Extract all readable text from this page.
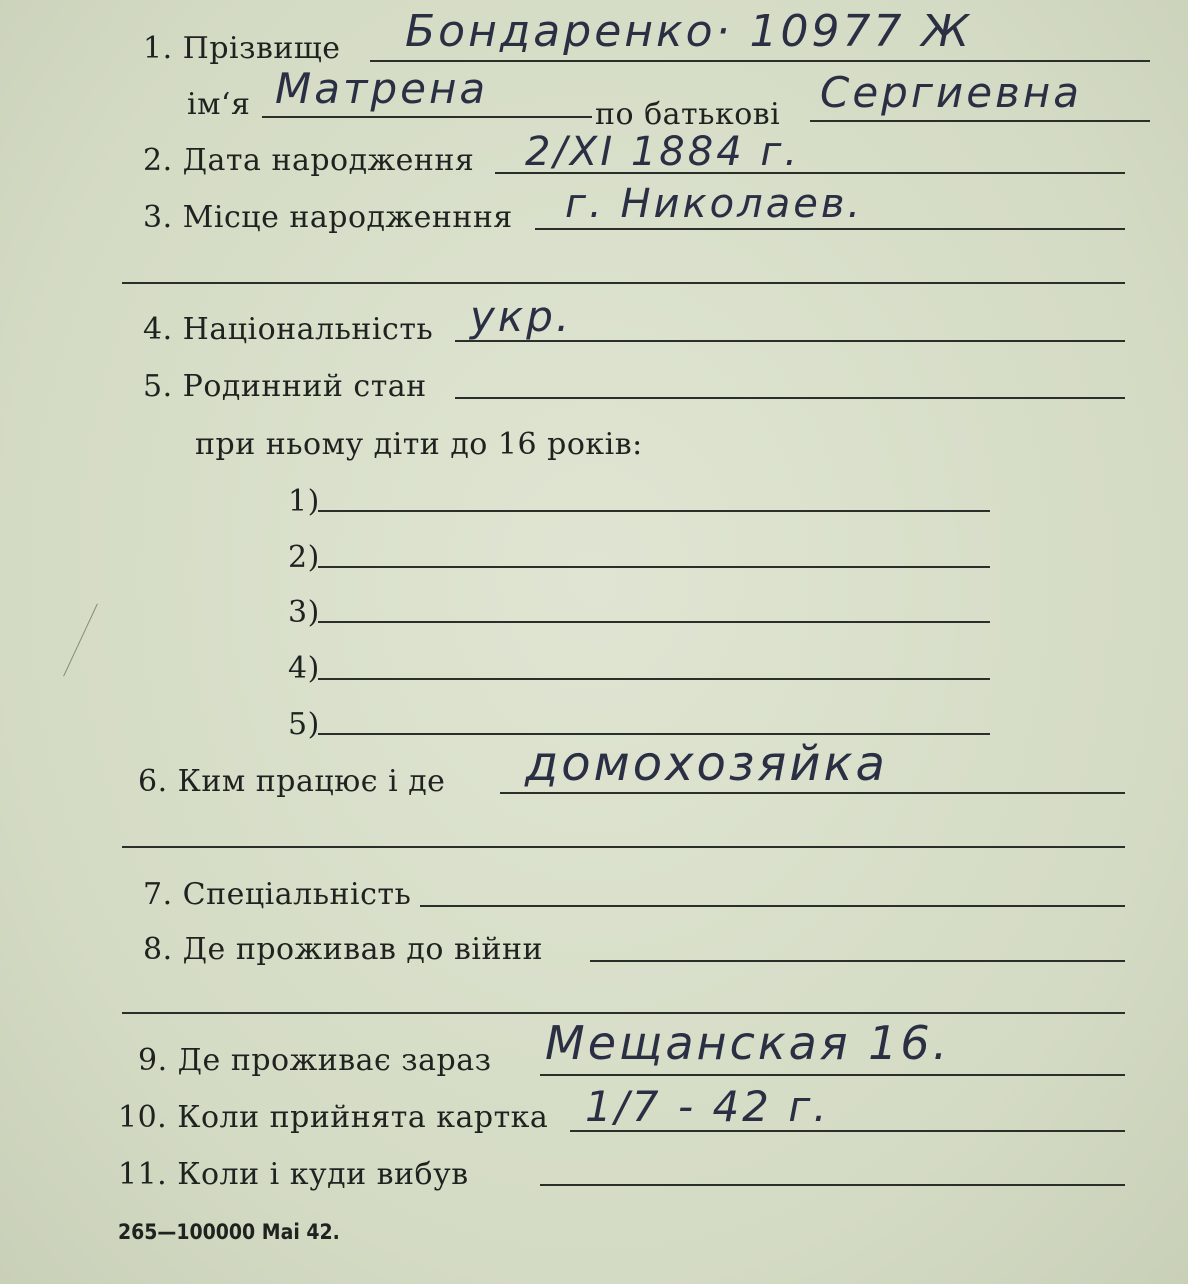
1. Прізвище Бондаренко· 10977 Ж
ім‘я Матрена
по батькові Сергиевна
2. Дата народження 2/XI 1884 г.
3. Місце народженння г. Николаев.
4. Національність укр.
5. Родинний стан
при ньому діти до 16 років:
1)
2)
3)
4)
5)
6. Ким працює і де домохозяйка
7. Спеціальність
8. Де проживав до війни
9. Де проживає зараз Мещанская 16.
10. Коли прийнята картка 1/7 - 42 г.
11. Коли і куди вибув
265—100000 Mai 42.
